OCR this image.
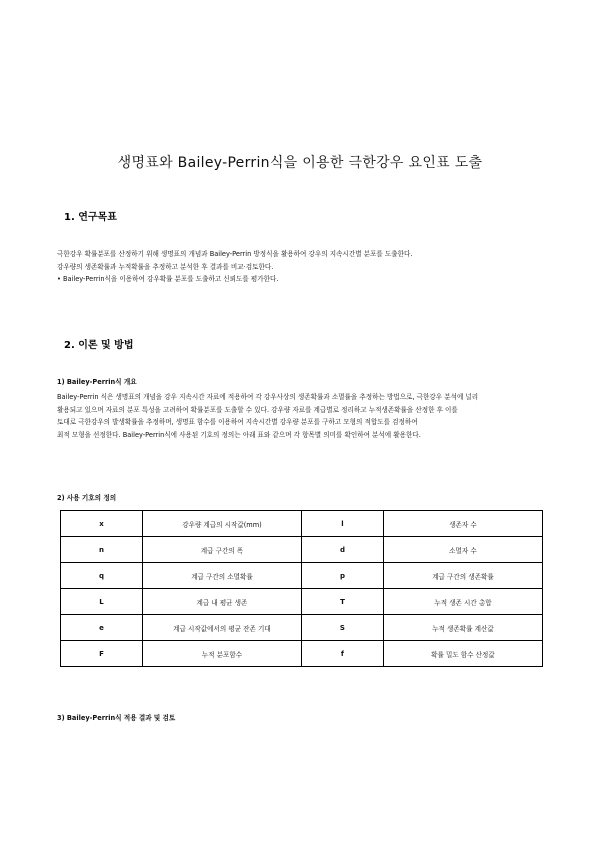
생명표와 Bailey-Perrin식을 이용한 극한강우 요인표 도출
1. 연구목표
극한강우 확률분포를 산정하기 위해 생명표의 개념과 Bailey-Perrin 방정식을 활용하여 강우의 지속시간별 분포를 도출한다.
강우량의 생존확률과 누적확률을 추정하고 분석한 후 결과를 비교·검토한다.
• Bailey-Perrin식을 이용하여 강우확률 분포를 도출하고 신뢰도를 평가한다.
2. 이론 및 방법
1) Bailey-Perrin식 개요
Bailey-Perrin 식은 생명표의 개념을 강우 지속시간 자료에 적용하여 각 강우사상의 생존확률과 소멸률을 추정하는 방법으로, 극한강우 분석에 널리
활용되고 있으며 자료의 분포 특성을 고려하여 확률분포를 도출할 수 있다. 강우량 자료를 계급별로 정리하고 누적생존확률을 산정한 후 이를
토대로 극한강우의 발생확률을 추정하며, 생명표 함수를 이용하여 지속시간별 강우량 분포를 구하고 모형의 적합도를 검정하여
최적 모형을 선정한다. Bailey-Perrin식에 사용된 기호의 정의는 아래 표와 같으며 각 항목별 의미를 확인하여 분석에 활용한다.
2) 사용 기호의 정의
x	강우량 계급의 시작값(mm)	l	생존자 수
n	계급 구간의 폭	d	소멸자 수
q	계급 구간의 소멸확률	p	계급 구간의 생존확률
L	계급 내 평균 생존	T	누적 생존 시간 총합
e	계급 시작값에서의 평균 잔존 기대	S	누적 생존확률 계산값
F	누적 분포함수	f	확률 밀도 함수 산정값
3) Bailey-Perrin식 적용 결과 및 검토
